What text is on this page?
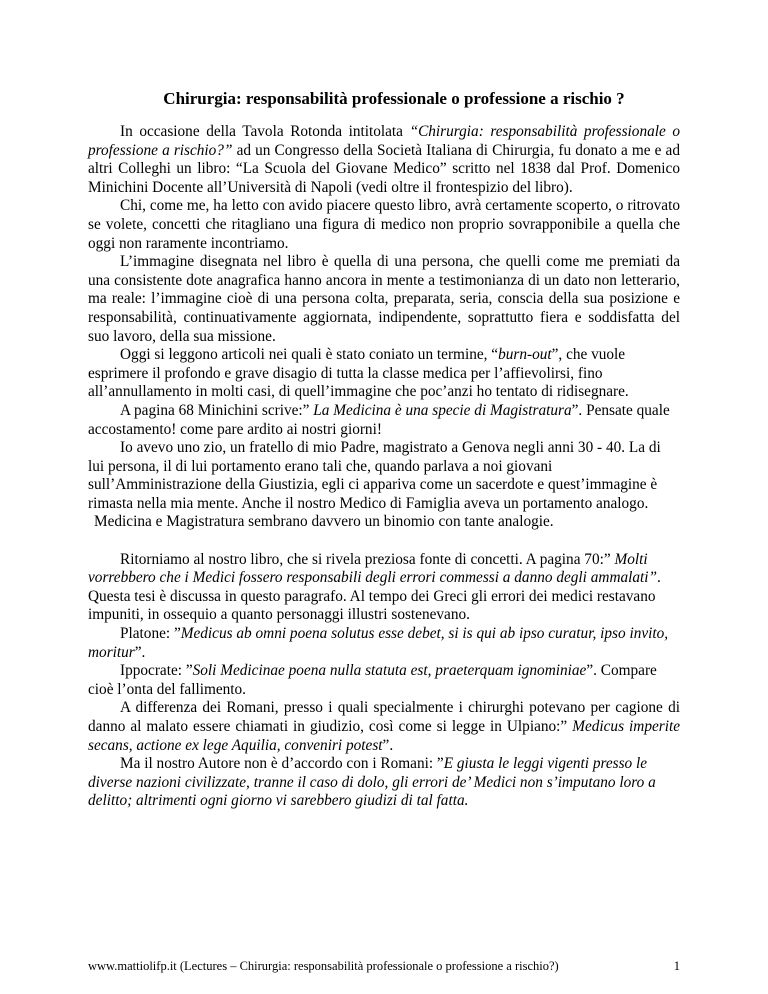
Chirurgia: responsabilità professionale o professione a rischio ?

In occasione della Tavola Rotonda intitolata “Chirurgia: responsabilità professionale o professione a rischio?” ad un Congresso della Società Italiana di Chirurgia, fu donato a me e ad altri Colleghi un libro: “La Scuola del Giovane Medico” scritto nel 1838 dal Prof. Domenico Minichini Docente all’Università di Napoli (vedi oltre il frontespizio del libro).

Chi, come me, ha letto con avido piacere questo libro, avrà certamente scoperto, o ritrovato se volete, concetti che ritagliano una figura di medico non proprio sovrapponibile a quella che oggi non raramente incontriamo.

L’immagine disegnata nel libro è quella di una persona, che quelli come me premiati da una consistente dote anagrafica hanno ancora in mente a testimonianza di un dato non letterario, ma reale: l’immagine cioè di una persona colta, preparata, seria, conscia della sua posizione e responsabilità, continuativamente aggiornata, indipendente, soprattutto fiera e soddisfatta del suo lavoro, della sua missione.

Oggi si leggono articoli nei quali è stato coniato un termine, “burn-out”, che vuole esprimere il profondo e grave disagio di tutta la classe medica per l’affievolirsi, fino all’annullamento in molti casi, di quell’immagine che poc’anzi ho tentato di ridisegnare.

A pagina 68 Minichini scrive:” La Medicina è una specie di Magistratura”. Pensate quale accostamento! come pare ardito ai nostri giorni!

Io avevo uno zio, un fratello di mio Padre, magistrato a Genova negli anni 30 - 40. La di lui persona, il di lui portamento erano tali che, quando parlava a noi giovani sull’Amministrazione della Giustizia, egli ci appariva come un sacerdote e quest’immagine è rimasta nella mia mente. Anche il nostro Medico di Famiglia aveva un portamento analogo.

Medicina e Magistratura sembrano davvero un binomio con tante analogie.

Ritorniamo al nostro libro, che si rivela preziosa fonte di concetti. A pagina 70:” Molti vorrebbero che i Medici fossero responsabili degli errori commessi a danno degli ammalati”. Questa tesi è discussa in questo paragrafo. Al tempo dei Greci gli errori dei medici restavano impuniti, in ossequio a quanto personaggi illustri sostenevano.

Platone: ”Medicus ab omni poena solutus esse debet, si is qui ab ipso curatur, ipso invito, moritur”.

Ippocrate: ”Soli Medicinae poena nulla statuta est, praeterquam ignominiae”. Compare cioè l’onta del fallimento.

A differenza dei Romani, presso i quali specialmente i chirurghi potevano per cagione di danno al malato essere chiamati in giudizio, così come si legge in Ulpiano:” Medicus imperite secans, actione ex lege Aquilia, conveniri potest”.

Ma il nostro Autore non è d’accordo con i Romani: ”E giusta le leggi vigenti presso le diverse nazioni civilizzate, tranne il caso di dolo, gli errori de’ Medici non s’imputano loro a delitto; altrimenti ogni giorno vi sarebbero giudizi di tal fatta.

www.mattiolifp.it (Lectures – Chirurgia: responsabilità professionale o professione a rischio?)	1
